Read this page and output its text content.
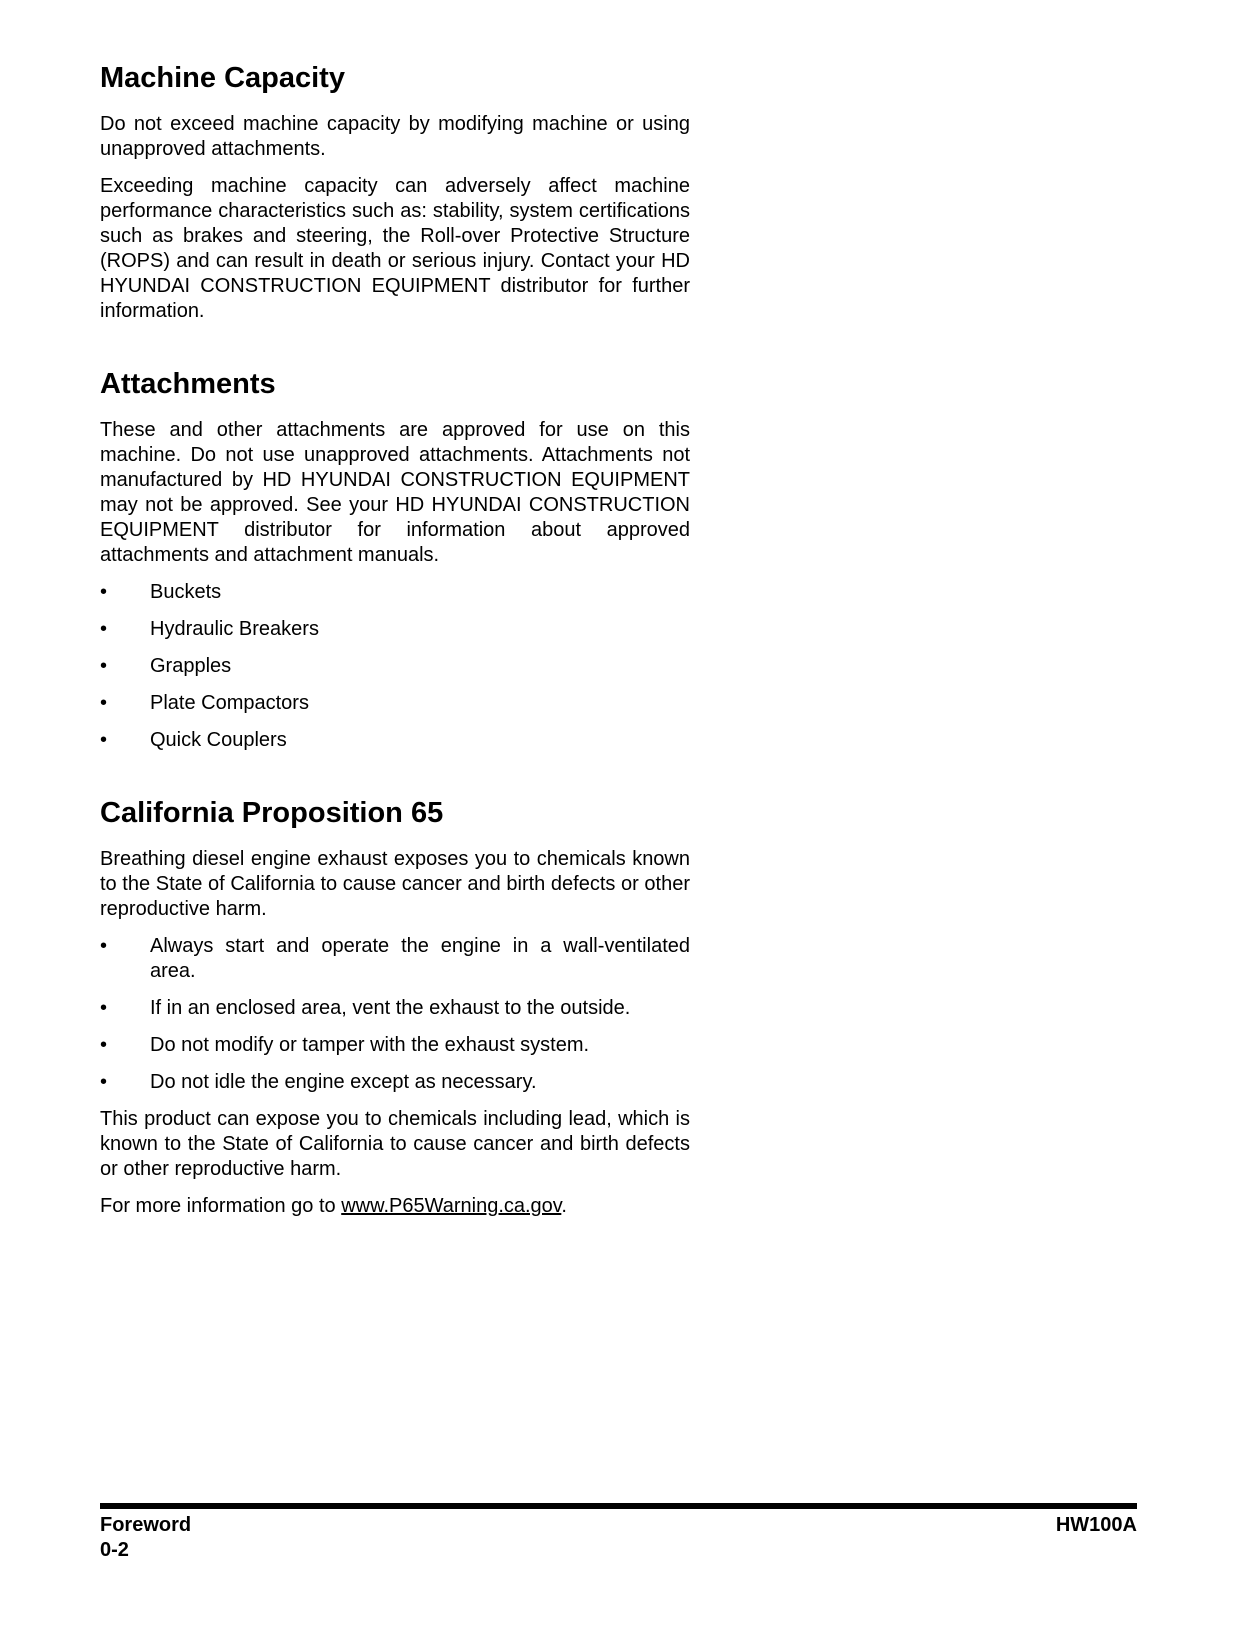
Machine Capacity

Do not exceed machine capacity by modifying machine or using unapproved attachments.

Exceeding machine capacity can adversely affect machine performance characteristics such as: stability, system certifications such as brakes and steering, the Roll-over Protective Structure (ROPS) and can result in death or serious injury. Contact your HD HYUNDAI CONSTRUCTION EQUIPMENT distributor for further information.

Attachments

These and other attachments are approved for use on this machine. Do not use unapproved attachments. Attachments not manufactured by HD HYUNDAI CONSTRUCTION EQUIPMENT may not be approved. See your HD HYUNDAI CONSTRUCTION EQUIPMENT distributor for information about approved attachments and attachment manuals.

•	Buckets
•	Hydraulic Breakers
•	Grapples
•	Plate Compactors
•	Quick Couplers
California Proposition 65

Breathing diesel engine exhaust exposes you to chemicals known to the State of California to cause cancer and birth defects or other reproductive harm.

•	Always start and operate the engine in a wall-ventilated area.
•	If in an enclosed area, vent the exhaust to the outside.
•	Do not modify or tamper with the exhaust system.
•	Do not idle the engine except as necessary.

This product can expose you to chemicals including lead, which is known to the State of California to cause cancer and birth defects or other reproductive harm.

For more information go to www.P65Warning.ca.gov.

Foreword
0-2
HW100A
